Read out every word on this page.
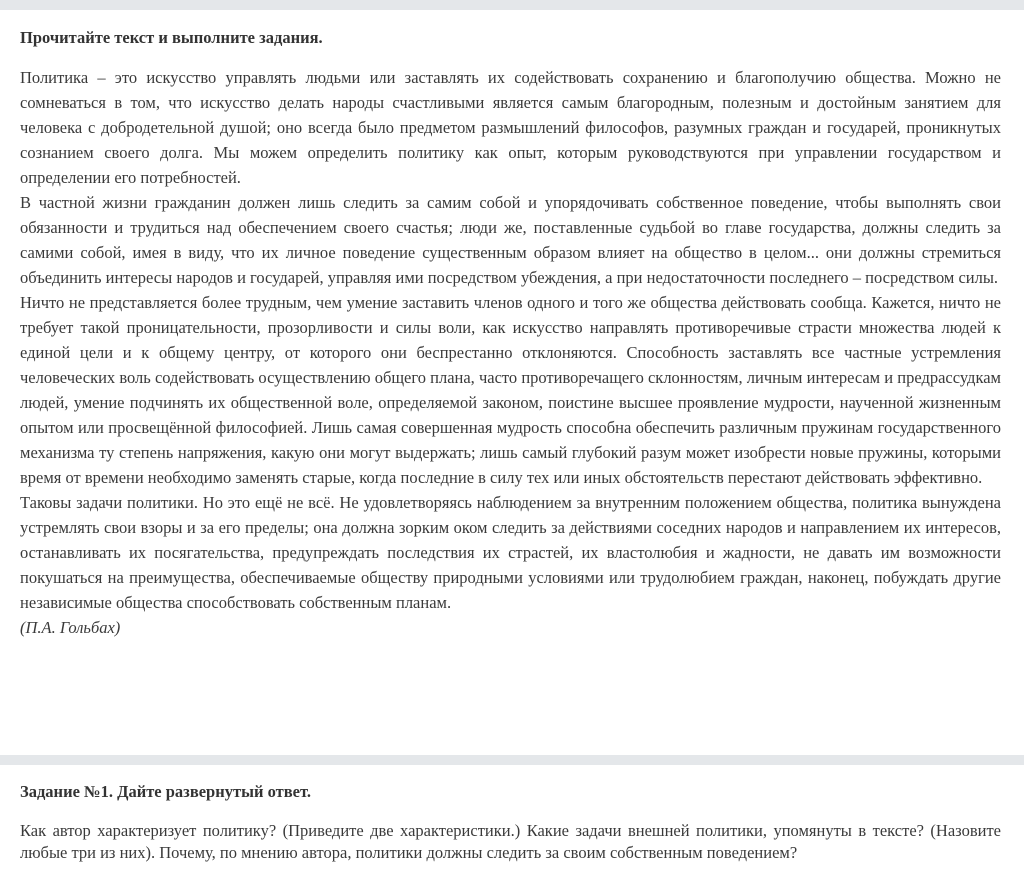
Прочитайте текст и выполните задания.

Политика – это искусство управлять людьми или заставлять их содействовать сохранению и благополучию общества. Можно не сомневаться в том, что искусство делать народы счастливыми является самым благородным, полезным и достойным занятием для человека с добродетельной душой; оно всегда было предметом размышлений философов, разумных граждан и государей, проникнутых сознанием своего долга. Мы можем определить политику как опыт, которым руководствуются при управлении государством и определении его потребностей.

В частной жизни гражданин должен лишь следить за самим собой и упорядочивать собственное поведение, чтобы выполнять свои обязанности и трудиться над обеспечением своего счастья; люди же, поставленные судьбой во главе государства, должны следить за самими собой, имея в виду, что их личное поведение существенным образом влияет на общество в целом... они должны стремиться объединить интересы народов и государей, управляя ими посредством убеждения, а при недостаточности последнего – посредством силы.

Ничто не представляется более трудным, чем умение заставить членов одного и того же общества действовать сообща. Кажется, ничто не требует такой проницательности, прозорливости и силы воли, как искусство направлять противоречивые страсти множества людей к единой цели и к общему центру, от которого они беспрестанно отклоняются. Способность заставлять все частные устремления человеческих воль содействовать осуществлению общего плана, часто противоречащего склонностям, личным интересам и предрассудкам людей, умение подчинять их общественной воле, определяемой законом, поистине высшее проявление мудрости, наученной жизненным опытом или просвещённой философией. Лишь самая совершенная мудрость способна обеспечить различным пружинам государственного механизма ту степень напряжения, какую они могут выдержать; лишь самый глубокий разум может изобрести новые пружины, которыми время от времени необходимо заменять старые, когда последние в силу тех или иных обстоятельств перестают действовать эффективно.

Таковы задачи политики. Но это ещё не всё. Не удовлетворяясь наблюдением за внутренним положением общества, политика вынуждена устремлять свои взоры и за его пределы; она должна зорким оком следить за действиями соседних народов и направлением их интересов, останавливать их посягательства, предупреждать последствия их страстей, их властолюбия и жадности, не давать им возможности покушаться на преимущества, обеспечиваемые обществу природными условиями или трудолюбием граждан, наконец, побуждать другие независимые общества способствовать собственным планам.

(П.А. Гольбах)

Задание №1. Дайте развернутый ответ.

Как автор характеризует политику? (Приведите две характеристики.) Какие задачи внешней политики, упомянуты в тексте? (Назовите любые три из них). Почему, по мнению автора, политики должны следить за своим собственным поведением?
